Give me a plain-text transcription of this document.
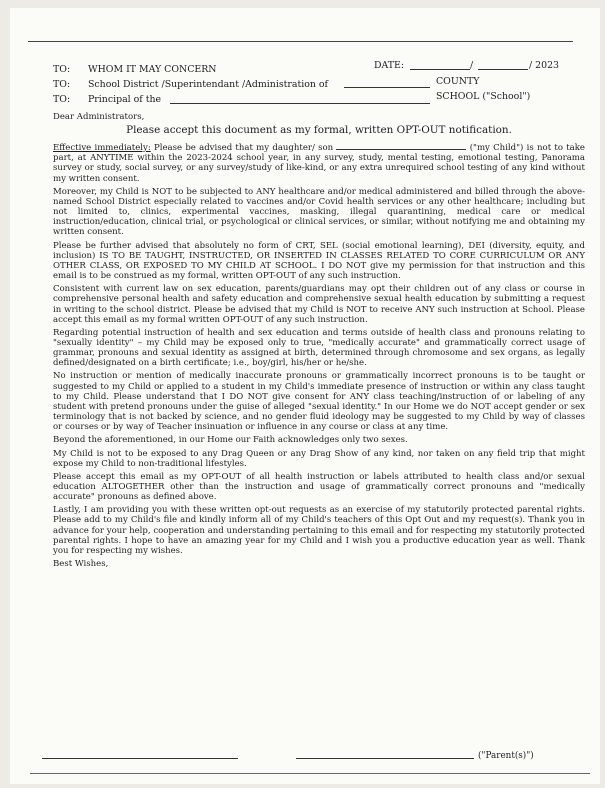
TO: WHOM IT MAY CONCERN	DATE:	/	/ 2023
TO: School District /Superintendant /Administration of	COUNTY
TO: Principal of the	SCHOOL ("School")

Dear Administrators,

Please accept this document as my formal, written OPT-OUT notification.

Effective immediately: Please be advised that my daughter/ son	("my Child") is not to take part, at ANYTIME within the 2023-2024 school year, in any survey, study, mental testing, emotional testing, Panorama survey or study, social survey, or any survey/study of like-kind, or any extra unrequired school testing of any kind without my written consent.

Moreover, my Child is NOT to be subjected to ANY healthcare and/or medical administered and billed through the above-named School District especially related to vaccines and/or Covid health services or any other healthcare; including but not limited to, clinics, experimental vaccines, masking, illegal quarantining, medical care or medical instruction/education, clinical trial, or psychological or clinical services, or similar, without notifying me and obtaining my written consent.

Please be further advised that absolutely no form of CRT, SEL (social emotional learning), DEI (diversity, equity, and inclusion) IS TO BE TAUGHT, INSTRUCTED, OR INSERTED IN CLASSES RELATED TO CORE CURRICULUM OR ANY OTHER CLASS, OR EXPOSED TO MY CHILD AT SCHOOL. I DO NOT give my permission for that instruction and this email is to be construed as my formal, written OPT-OUT of any such instruction.

Consistent with current law on sex education, parents/guardians may opt their children out of any class or course in comprehensive personal health and safety education and comprehensive sexual health education by submitting a request in writing to the school district. Please be advised that my Child is NOT to receive ANY such instruction at School. Please accept this email as my formal written OPT-OUT of any such instruction.

Regarding potential instruction of health and sex education and terms outside of health class and pronouns relating to "sexually identity" – my Child may be exposed only to true, "medically accurate" and grammatically correct usage of grammar, pronouns and sexual identity as assigned at birth, determined through chromosome and sex organs, as legally defined/designated on a birth certificate; i.e., boy/girl, his/her or he/she.

No instruction or mention of medically inaccurate pronouns or grammatically incorrect pronouns is to be taught or suggested to my Child or applied to a student in my Child's immediate presence of instruction or within any class taught to my Child. Please understand that I DO NOT give consent for ANY class teaching/instruction of or labeling of any student with pretend pronouns under the guise of alleged "sexual identity." In our Home we do NOT accept gender or sex terminology that is not backed by science, and no gender fluid ideology may be suggested to my Child by way of classes or courses or by way of Teacher insinuation or influence in any course or class at any time.

Beyond the aforementioned, in our Home our Faith acknowledges only two sexes.

My Child is not to be exposed to any Drag Queen or any Drag Show of any kind, nor taken on any field trip that might expose my Child to non-traditional lifestyles.

Please accept this email as my OPT-OUT of all health instruction or labels attributed to health class and/or sexual education ALTOGETHER other than the instruction and usage of grammatically correct pronouns and "medically accurate" pronouns as defined above.

Lastly, I am providing you with these written opt-out requests as an exercise of my statutorily protected parental rights. Please add to my Child's file and kindly inform all of my Child's teachers of this Opt Out and my request(s). Thank you in advance for your help, cooperation and understanding pertaining to this email and for respecting my statutorily protected parental rights. I hope to have an amazing year for my Child and I wish you a productive education year as well. Thank you for respecting my wishes.

Best Wishes,

("Parent(s)")
